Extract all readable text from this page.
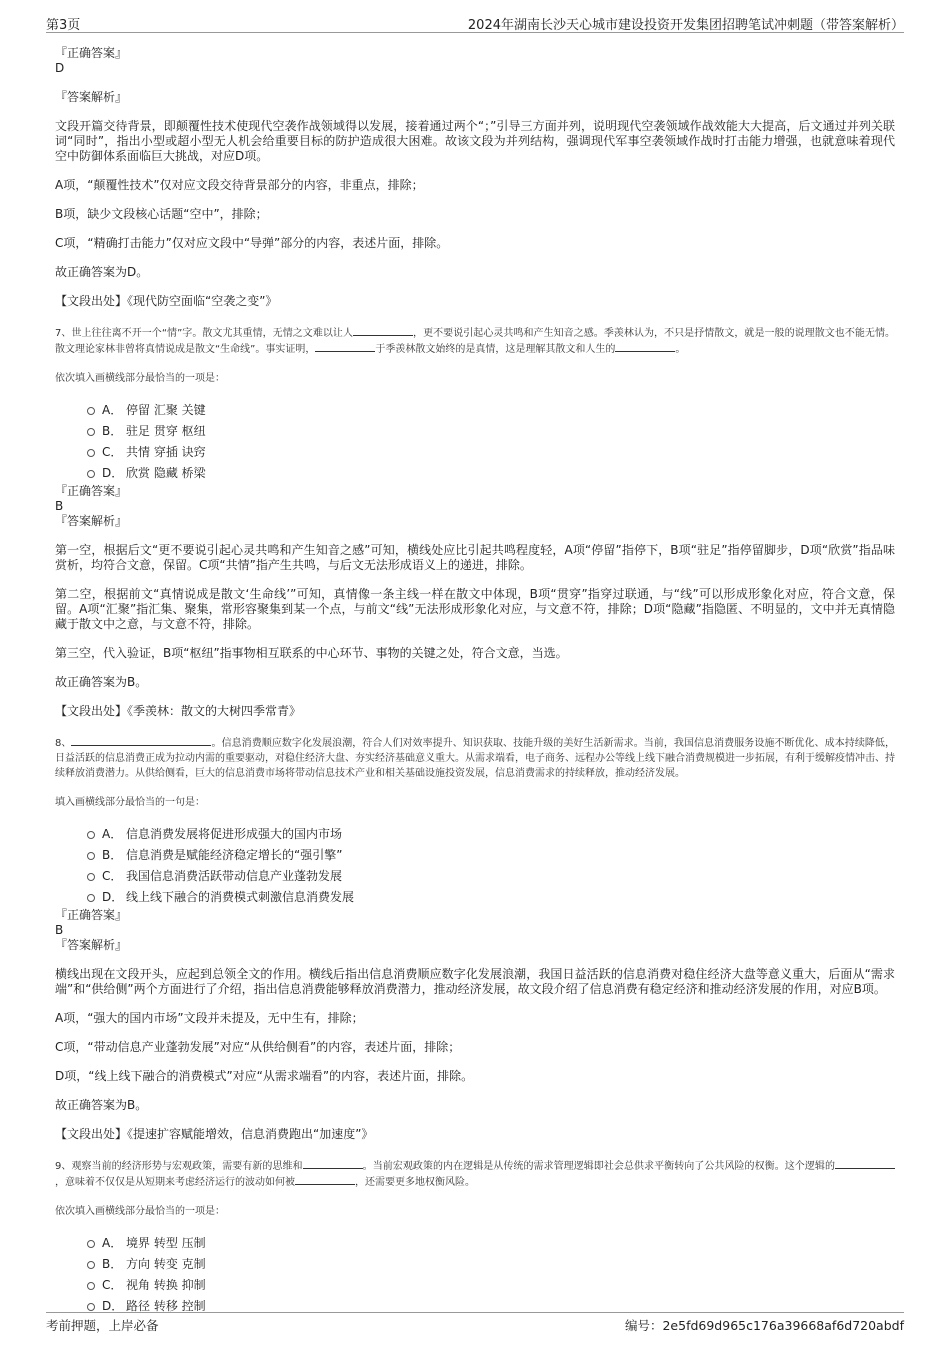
第3页	2024年湖南长沙天心城市建设投资开发集团招聘笔试冲刺题（带答案解析）
『正确答案』
D
『答案解析』
文段开篇交待背景，即颠覆性技术使现代空袭作战领域得以发展，接着通过两个“；”引导三方面并列，说明现代空袭领域作战效能大大提高，后文通过并列关联词“同时”，指出小型或超小型无人机会给重要目标的防护造成很大困难。故该文段为并列结构，强调现代军事空袭领域作战时打击能力增强，也就意味着现代空中防御体系面临巨大挑战，对应D项。
A项，“颠覆性技术”仅对应文段交待背景部分的内容，非重点，排除；
B项，缺少文段核心话题“空中”，排除；
C项，“精确打击能力”仅对应文段中“导弹”部分的内容，表述片面，排除。
故正确答案为D。
【文段出处】《现代防空面临“空袭之变”》
7、世上往往离不开一个“情”字。散文尤其重情，无情之文难以让人	，更不要说引起心灵共鸣和产生知音之感。季羡林认为，不只是抒情散文，就是一般的说理散文也不能无情。散文理论家林非曾将真情说成是散文“生命线”。事实证明，	于季羡林散文始终的是真情，这是理解其散文和人生的	。
依次填入画横线部分最恰当的一项是：
A． 停留 汇聚 关键
B． 驻足 贯穿 枢纽
C． 共情 穿插 诀窍
D． 欣赏 隐藏 桥梁
『正确答案』
B
『答案解析』
第一空，根据后文“更不要说引起心灵共鸣和产生知音之感”可知，横线处应比引起共鸣程度轻，A项“停留”指停下，B项“驻足”指停留脚步，D项“欣赏”指品味赏析，均符合文意，保留。C项“共情”指产生共鸣，与后文无法形成语义上的递进，排除。
第二空，根据前文“真情说成是散文‘生命线’”可知，真情像一条主线一样在散文中体现，B项“贯穿”指穿过联通，与“线”可以形成形象化对应，符合文意，保留。A项“汇聚”指汇集、聚集，常形容聚集到某一个点，与前文“线”无法形成形象化对应，与文意不符，排除；D项“隐藏”指隐匿、不明显的，文中并无真情隐藏于散文中之意，与文意不符，排除。
第三空，代入验证，B项“枢纽”指事物相互联系的中心环节、事物的关键之处，符合文意，当选。
故正确答案为B。
【文段出处】《季羡林：散文的大树四季常青》
8、	。信息消费顺应数字化发展浪潮，符合人们对效率提升、知识获取、技能升级的美好生活新需求。当前，我国信息消费服务设施不断优化、成本持续降低，日益活跃的信息消费正成为拉动内需的重要驱动，对稳住经济大盘、夯实经济基础意义重大。从需求端看，电子商务、远程办公等线上线下融合消费规模进一步拓展，有利于缓解疫情冲击、持续释放消费潜力。从供给侧看，巨大的信息消费市场将带动信息技术产业和相关基础设施投资发展，信息消费需求的持续释放，推动经济发展。
填入画横线部分最恰当的一句是：
A． 信息消费发展将促进形成强大的国内市场
B． 信息消费是赋能经济稳定增长的“强引擎”
C． 我国信息消费活跃带动信息产业蓬勃发展
D． 线上线下融合的消费模式刺激信息消费发展
『正确答案』
B
『答案解析』
横线出现在文段开头，应起到总领全文的作用。横线后指出信息消费顺应数字化发展浪潮，我国日益活跃的信息消费对稳住经济大盘等意义重大，后面从“需求端”和“供给侧”两个方面进行了介绍，指出信息消费能够释放消费潜力，推动经济发展，故文段介绍了信息消费有稳定经济和推动经济发展的作用，对应B项。
A项，“强大的国内市场”文段并未提及，无中生有，排除；
C项，“带动信息产业蓬勃发展”对应“从供给侧看”的内容，表述片面，排除；
D项，“线上线下融合的消费模式”对应“从需求端看”的内容，表述片面，排除。
故正确答案为B。
【文段出处】《提速扩容赋能增效，信息消费跑出“加速度”》
9、观察当前的经济形势与宏观政策，需要有新的思维和	。当前宏观政策的内在逻辑是从传统的需求管理逻辑即社会总供求平衡转向了公共风险的权衡。这个逻辑的，意味着不仅仅是从短期来考虑经济运行的波动如何被	，还需要更多地权衡风险。
依次填入画横线部分最恰当的一项是：
A． 境界 转型 压制
B． 方向 转变 克制
C． 视角 转换 抑制
D． 路径 转移 控制
考前押题，上岸必备	编号：2e5fd69d965c176a39668af6d720abdf
